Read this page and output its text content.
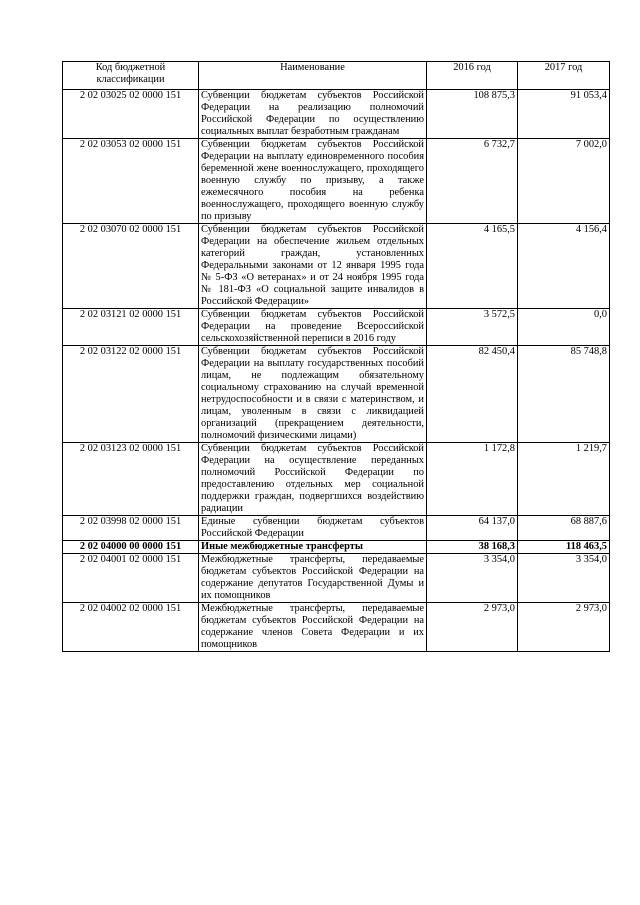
Код бюджетной классификации	Наименование	2016 год	2017 год
2 02 03025 02 0000 151	Субвенции бюджетам субъектов Российской Федерации на реализацию полномочий Российской Федерации по осуществлению социальных выплат безработным гражданам	108 875,3	91 053,4
2 02 03053 02 0000 151	Субвенции бюджетам субъектов Российской Федерации на выплату единовременного пособия беременной жене военнослужащего, проходящего военную службу по призыву, а также ежемесячного пособия на ребенка военнослужащего, проходящего военную службу по призыву	6 732,7	7 002,0
2 02 03070 02 0000 151	Субвенции бюджетам субъектов Российской Федерации на обеспечение жильем отдельных категорий граждан, установленных Федеральными законами от 12 января 1995 года № 5-ФЗ «О ветеранах» и от 24 ноября 1995 года № 181-ФЗ «О социальной защите инвалидов в Российской Федерации»	4 165,5	4 156,4
2 02 03121 02 0000 151	Субвенции бюджетам субъектов Российской Федерации на проведение Всероссийской сельскохозяйственной переписи в 2016 году	3 572,5	0,0
2 02 03122 02 0000 151	Субвенции бюджетам субъектов Российской Федерации на выплату государственных пособий лицам, не подлежащим обязательному социальному страхованию на случай временной нетрудоспособности и в связи с материнством, и лицам, уволенным в связи с ликвидацией организаций (прекращением деятельности, полномочий физическими лицами)	82 450,4	85 748,8
2 02 03123 02 0000 151	Субвенции бюджетам субъектов Российской Федерации на осуществление переданных полномочий Российской Федерации по предоставлению отдельных мер социальной поддержки граждан, подвергшихся воздействию радиации	1 172,8	1 219,7
2 02 03998 02 0000 151	Единые субвенции бюджетам субъектов Российской Федерации	64 137,0	68 887,6
2 02 04000 00 0000 151	Иные межбюджетные трансферты	38 168,3	118 463,5
2 02 04001 02 0000 151	Межбюджетные трансферты, передаваемые бюджетам субъектов Российской Федерации на содержание депутатов Государственной Думы и их помощников	3 354,0	3 354,0
2 02 04002 02 0000 151	Межбюджетные трансферты, передаваемые бюджетам субъектов Российской Федерации на содержание членов Совета Федерации и их помощников	2 973,0	2 973,0
